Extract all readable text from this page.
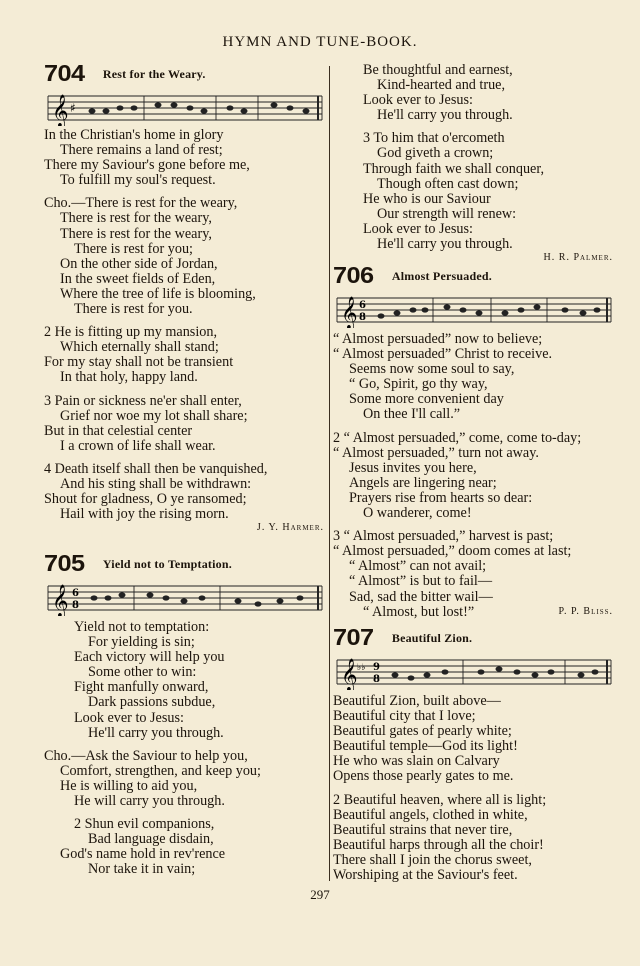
HYMN AND TUNE-BOOK.
704 Rest for the Weary.
𝄞 ♯
In the Christian's home in glory
There remains a land of rest;
There my Saviour's gone before me,
To fulfill my soul's request.
Cho.—There is rest for the weary,
There is rest for the weary,
There is rest for the weary,
There is rest for you;
On the other side of Jordan,
In the sweet fields of Eden,
Where the tree of life is blooming,
There is rest for you.
2 He is fitting up my mansion,
Which eternally shall stand;
For my stay shall not be transient
In that holy, happy land.
3 Pain or sickness ne'er shall enter,
Grief nor woe my lot shall share;
But in that celestial center
I a crown of life shall wear.
4 Death itself shall then be vanquished,
And his sting shall be withdrawn:
Shout for gladness, O ye ransomed;
Hail with joy the rising morn.
J. Y. Harmer.
705 Yield not to Temptation.
𝄞 6
8
Yield not to temptation:
For yielding is sin;
Each victory will help you
Some other to win:
Fight manfully onward,
Dark passions subdue,
Look ever to Jesus:
He'll carry you through.
Cho.—Ask the Saviour to help you,
Comfort, strengthen, and keep you;
He is willing to aid you,
He will carry you through.
2 Shun evil companions,
Bad language disdain,
God's name hold in rev'rence
Nor take it in vain;
Be thoughtful and earnest,
Kind-hearted and true,
Look ever to Jesus:
He'll carry you through.
3 To him that o'ercometh
God giveth a crown;
Through faith we shall conquer,
Though often cast down;
He who is our Saviour
Our strength will renew:
Look ever to Jesus:
He'll carry you through.
H. R. Palmer.
706 Almost Persuaded.
𝄞 6
8
“ Almost persuaded” now to believe;
“ Almost persuaded” Christ to receive.
Seems now some soul to say,
“ Go, Spirit, go thy way,
Some more convenient day
On thee I'll call.”
2 “ Almost persuaded,” come, come to-day;
“ Almost persuaded,” turn not away.
Jesus invites you here,
Angels are lingering near;
Prayers rise from hearts so dear:
O wanderer, come!
3 “ Almost persuaded,” harvest is past;
“ Almost persuaded,” doom comes at last;
“ Almost” can not avail;
“ Almost” is but to fail—
Sad, sad the bitter wail—
“ Almost, but lost!”	P. P. Bliss.
707 Beautiful Zion.
𝄞 ♭♭ 9
8
Beautiful Zion, built above—
Beautiful city that I love;
Beautiful gates of pearly white;
Beautiful temple—God its light!
He who was slain on Calvary
Opens those pearly gates to me.
2 Beautiful heaven, where all is light;
Beautiful angels, clothed in white,
Beautiful strains that never tire,
Beautiful harps through all the choir!
There shall I join the chorus sweet,
Worshiping at the Saviour's feet.
297
